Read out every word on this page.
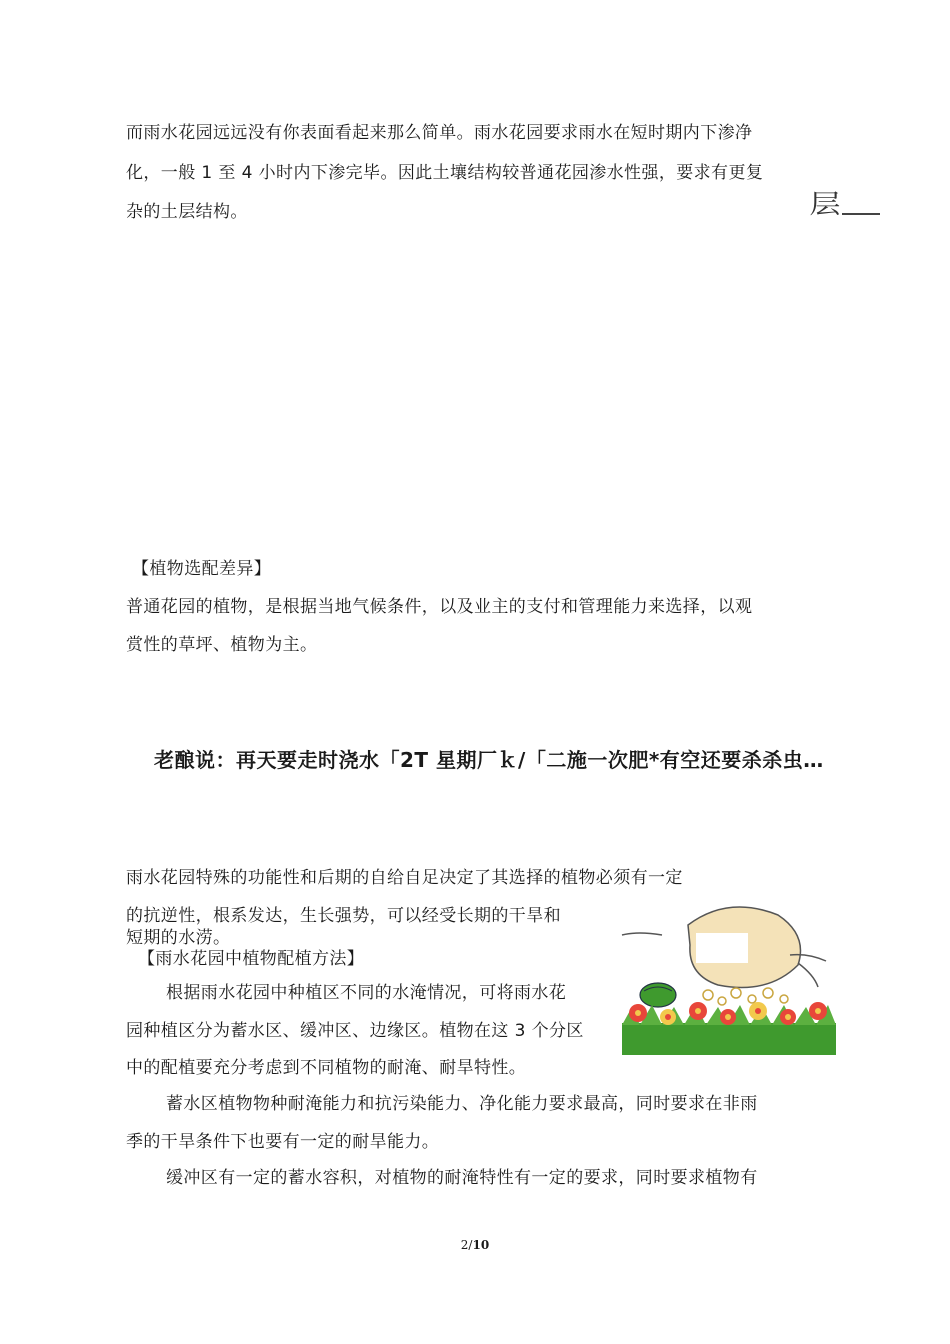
而雨水花园远远没有你表面看起来那么简单。雨水花园要求雨水在短时期内下渗净
化，一般 1 至 4 小时内下渗完毕。因此土壤结构较普通花园渗水性强，要求有更复
杂的土层结构。	层
【植物选配差异】
普通花园的植物，是根据当地气候条件，以及业主的支付和管理能力来选择，以观
赏性的草坪、植物为主。
老酿说：再天要走时浇水「2T 星期厂ｋ/「二施一次肥*有空还要杀杀虫…
雨水花园特殊的功能性和后期的自给自足决定了其选择的植物必须有一定
的抗逆性，根系发达，生长强势，可以经受长期的干旱和
短期的水涝。
【雨水花园中植物配植方法】
根据雨水花园中种植区不同的水淹情况，可将雨水花
园种植区分为蓄水区、缓冲区、边缘区。植物在这 3 个分区
中的配植要充分考虑到不同植物的耐淹、耐旱特性。
蓄水区植物物种耐淹能力和抗污染能力、净化能力要求最高，同时要求在非雨
季的干旱条件下也要有一定的耐旱能力。
缓冲区有一定的蓄水容积，对植物的耐淹特性有一定的要求，同时要求植物有
2/10
